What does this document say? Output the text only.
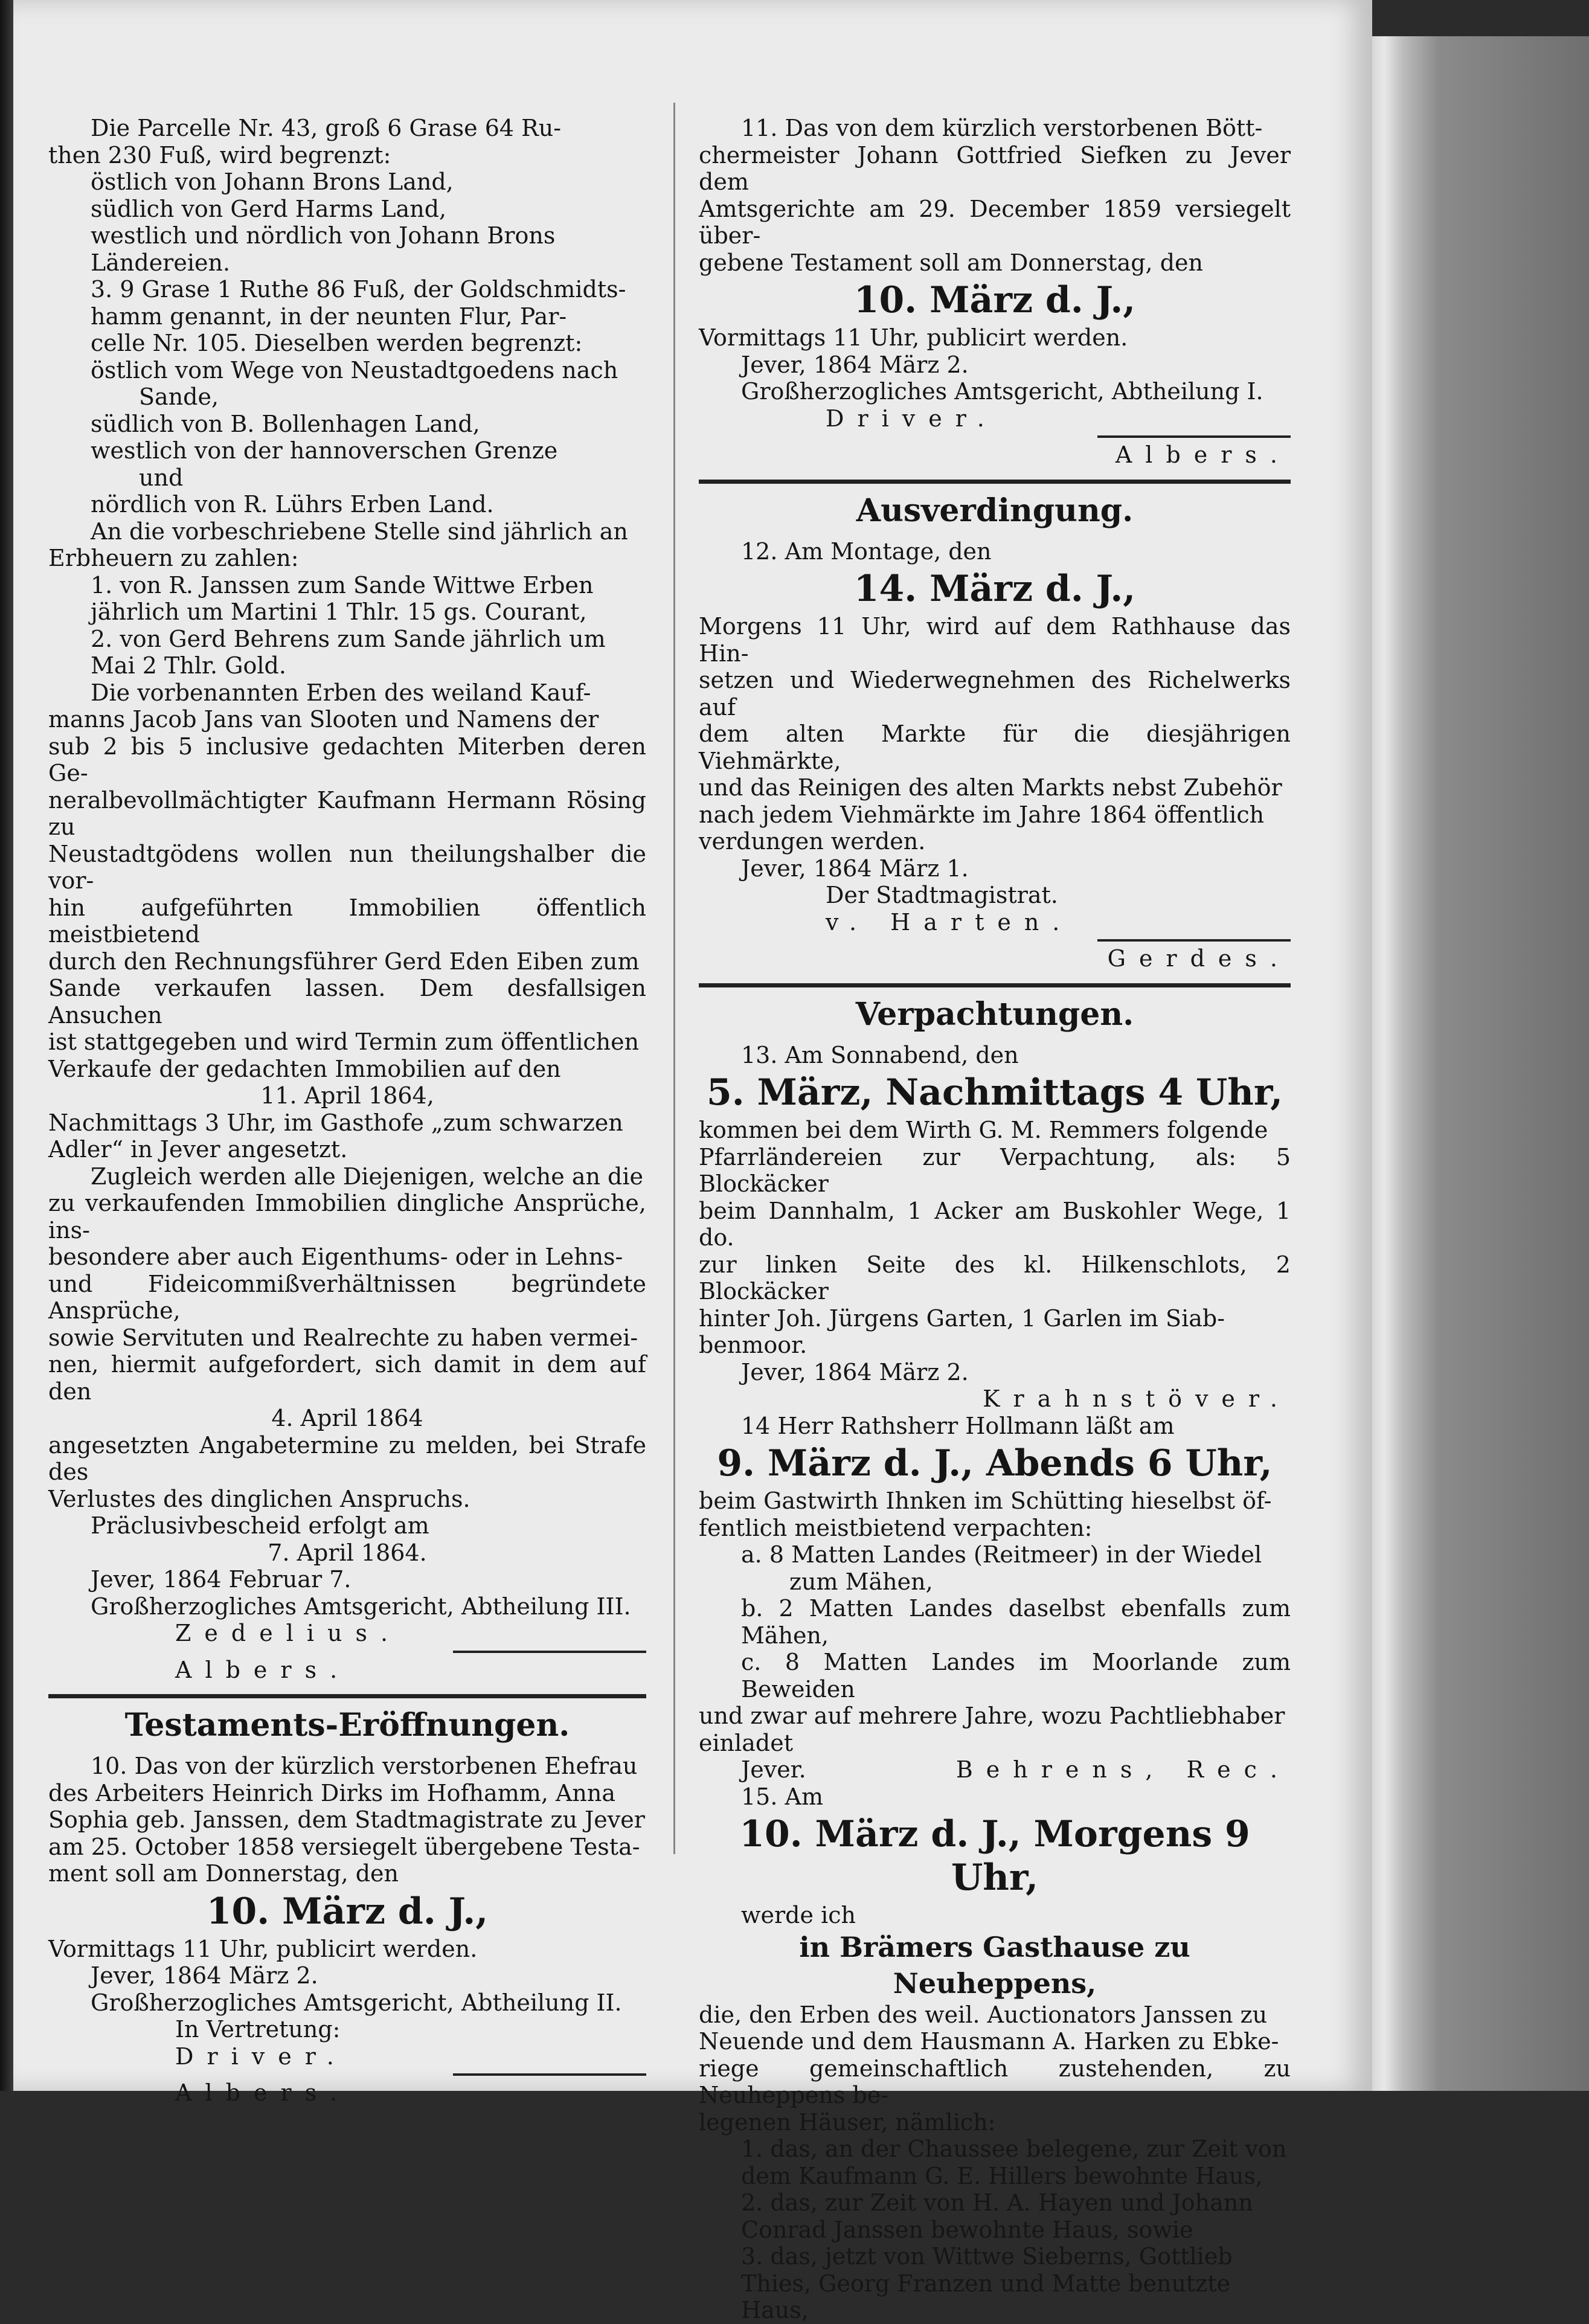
Die Parcelle Nr. 43, groß 6 Grase 64 Ru-

then 230 Fuß, wird begrenzt:

östlich von Johann Brons Land,

südlich von Gerd Harms Land,

westlich und nördlich von Johann Brons

Ländereien.

3. 9 Grase 1 Ruthe 86 Fuß, der Goldschmidts-

hamm genannt, in der neunten Flur, Par-

celle Nr. 105. Dieselben werden begrenzt:

östlich vom Wege von Neustadtgoedens nach

Sande,

südlich von B. Bollenhagen Land,

westlich von der hannoverschen Grenze

und

nördlich von R. Lührs Erben Land.

An die vorbeschriebene Stelle sind jährlich an

Erbheuern zu zahlen:

1. von R. Janssen zum Sande Wittwe Erben

jährlich um Martini 1 Thlr. 15 gs. Courant,

2. von Gerd Behrens zum Sande jährlich um

Mai 2 Thlr. Gold.

Die vorbenannten Erben des weiland Kauf-

manns Jacob Jans van Slooten und Namens der

sub 2 bis 5 inclusive gedachten Miterben deren Ge-

neralbevollmächtigter Kaufmann Hermann Rösing zu

Neustadtgödens wollen nun theilungshalber die vor-

hin aufgeführten Immobilien öffentlich meistbietend

durch den Rechnungsführer Gerd Eden Eiben zum

Sande verkaufen lassen. Dem desfallsigen Ansuchen

ist stattgegeben und wird Termin zum öffentlichen

Verkaufe der gedachten Immobilien auf den

11. April 1864,

Nachmittags 3 Uhr, im Gasthofe „zum schwarzen

Adler“ in Jever angesetzt.

Zugleich werden alle Diejenigen, welche an die

zu verkaufenden Immobilien dingliche Ansprüche, ins-

besondere aber auch Eigenthums- oder in Lehns-

und Fideicommißverhältnissen begründete Ansprüche,

sowie Servituten und Realrechte zu haben vermei-

nen, hiermit aufgefordert, sich damit in dem auf den

4. April 1864

angesetzten Angabetermine zu melden, bei Strafe des

Verlustes des dinglichen Anspruchs.

Präclusivbescheid erfolgt am

7. April 1864.

Jever, 1864 Februar 7.

Großherzogliches Amtsgericht, Abtheilung III.

Zedelius.

Albers.

Testaments-Eröffnungen.

10. Das von der kürzlich verstorbenen Ehefrau

des Arbeiters Heinrich Dirks im Hofhamm, Anna

Sophia geb. Janssen, dem Stadtmagistrate zu Jever

am 25. October 1858 versiegelt übergebene Testa-

ment soll am Donnerstag, den

10. März d. J.,

Vormittags 11 Uhr, publicirt werden.

Jever, 1864 März 2.

Großherzogliches Amtsgericht, Abtheilung II.

In Vertretung:

Driver.

Albers.

11. Das von dem kürzlich verstorbenen Bött-

chermeister Johann Gottfried Siefken zu Jever dem

Amtsgerichte am 29. December 1859 versiegelt über-

gebene Testament soll am Donnerstag, den

10. März d. J.,

Vormittags 11 Uhr, publicirt werden.

Jever, 1864 März 2.

Großherzogliches Amtsgericht, Abtheilung I.

Driver.

Albers.

Ausverdingung.

12. Am Montage, den

14. März d. J.,

Morgens 11 Uhr, wird auf dem Rathhause das Hin-

setzen und Wiederwegnehmen des Richelwerks auf

dem alten Markte für die diesjährigen Viehmärkte,

und das Reinigen des alten Markts nebst Zubehör

nach jedem Viehmärkte im Jahre 1864 öffentlich

verdungen werden.

Jever, 1864 März 1.

Der Stadtmagistrat.

v. Harten.

Gerdes.

Verpachtungen.

13. Am Sonnabend, den

5. März, Nachmittags 4 Uhr,

kommen bei dem Wirth G. M. Remmers folgende

Pfarrländereien zur Verpachtung, als: 5 Blockäcker

beim Dannhalm, 1 Acker am Buskohler Wege, 1 do.

zur linken Seite des kl. Hilkenschlots, 2 Blockäcker

hinter Joh. Jürgens Garten, 1 Garlen im Siab-

benmoor.

Jever, 1864 März 2.

Krahnstöver.

14 Herr Rathsherr Hollmann läßt am

9. März d. J., Abends 6 Uhr,

beim Gastwirth Ihnken im Schütting hieselbst öf-

fentlich meistbietend verpachten:

a. 8 Matten Landes (Reitmeer) in der Wiedel

zum Mähen,

b. 2 Matten Landes daselbst ebenfalls zum Mähen,

c. 8 Matten Landes im Moorlande zum Beweiden

und zwar auf mehrere Jahre, wozu Pachtliebhaber

einladet

Jever.	Behrens, Rec.

15. Am

10. März d. J., Morgens 9 Uhr,

werde ich

in Brämers Gasthause zu Neuheppens,

die, den Erben des weil. Auctionators Janssen zu

Neuende und dem Hausmann A. Harken zu Ebke-

riege gemeinschaftlich zustehenden, zu Neuheppens be-

legenen Häuser, nämlich:

1. das, an der Chaussee belegene, zur Zeit von

dem Kaufmann G. E. Hillers bewohnte Haus,

2. das, zur Zeit von H. A. Hayen und Johann

Conrad Janssen bewohnte Haus, sowie

3. das, jetzt von Wittwe Sieberns, Gottlieb

Thies, Georg Franzen und Matte benutzte

Haus,
